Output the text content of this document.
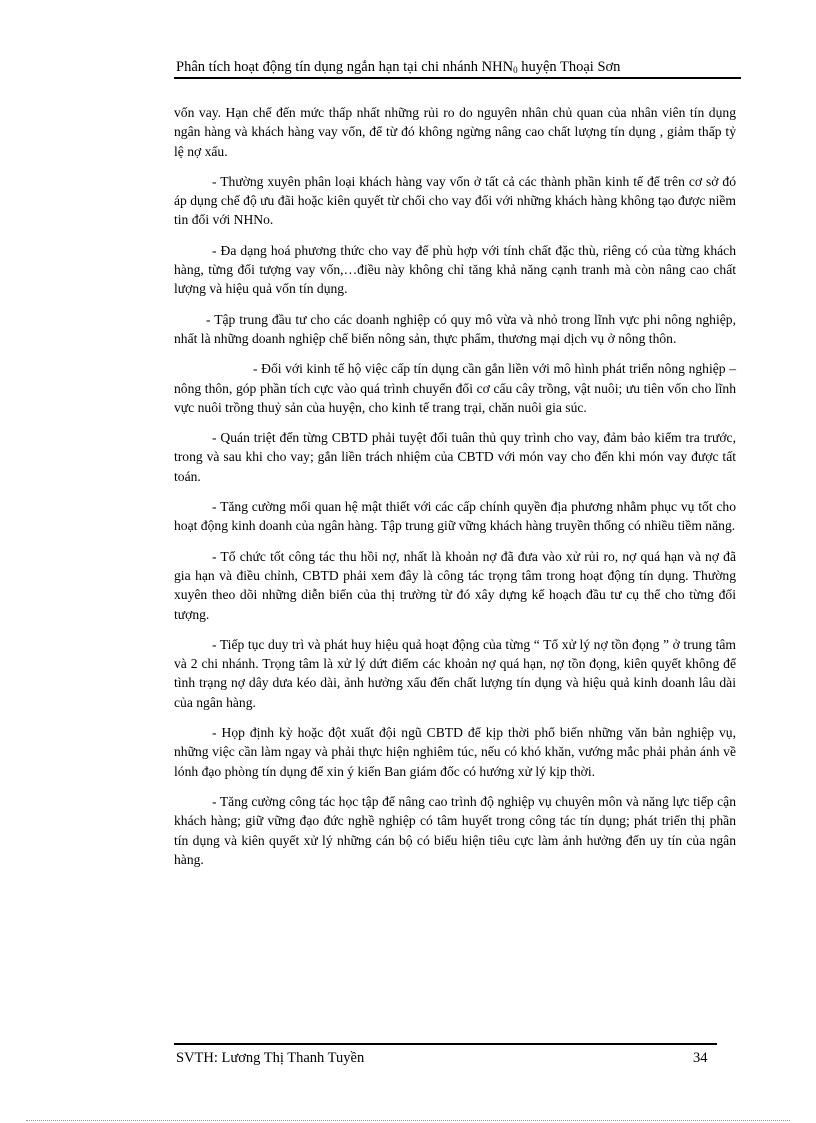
Phân tích hoạt động tín dụng ngắn hạn tại chi nhánh $NHN_0$ huyện Thoại Sơn

vốn vay. Hạn chế đến mức thấp nhất những rủi ro do nguyên nhân chủ quan của nhân viên tín dụng ngân hàng và khách hàng vay vốn, để từ đó không ngừng nâng cao chất lượng tín dụng , giảm thấp tỷ lệ nợ xấu.

- Thường xuyên phân loại khách hàng vay vốn ở tất cả các thành phần kinh tế để trên cơ sở đó áp dụng chế độ ưu đãi hoặc kiên quyết từ chối cho vay đối với những khách hàng không tạo được niềm tin đối với NHNo.

- Đa dạng hoá phương thức cho vay để phù hợp với tính chất đặc thù, riêng có của từng khách hàng, từng đối tượng vay vốn,…điều này không chỉ tăng khả năng cạnh tranh mà còn nâng cao chất lượng và hiệu quả vốn tín dụng.

- Tập trung đầu tư cho các doanh nghiệp có quy mô vừa và nhỏ trong lĩnh vực phi nông nghiệp, nhất là những doanh nghiệp chế biến nông sản, thực phẩm, thương mại dịch vụ ở nông thôn.

- Đối với kinh tế hộ việc cấp tín dụng cần gắn liền với mô hình phát triển nông nghiệp – nông thôn, góp phần tích cực vào quá trình chuyển đổi cơ cấu cây trồng, vật nuôi; ưu tiên vốn cho lĩnh vực nuôi trồng thuỷ sản của huyện, cho kinh tế trang trại, chăn nuôi gia súc.

- Quán triệt đến từng CBTD phải tuyệt đối tuân thủ quy trình cho vay, đảm bảo kiểm tra trước, trong và sau khi cho vay; gắn liền trách nhiệm của CBTD với món vay cho đến khi món vay được tất toán.

- Tăng cường mối quan hệ mật thiết với các cấp chính quyền địa phương nhằm phục vụ tốt cho hoạt động kinh doanh của ngân hàng. Tập trung giữ vững khách hàng truyền thống có nhiều tiềm năng.

- Tổ chức tốt công tác thu hồi nợ, nhất là khoản nợ đã đưa vào xử rủi ro, nợ quá hạn và nợ đã gia hạn và điều chỉnh, CBTD phải xem đây là công tác trọng tâm trong hoạt động tín dụng. Thường xuyên theo dõi những diễn biến của thị trường từ đó xây dựng kế hoạch đầu tư cụ thể cho từng đối tượng.

- Tiếp tục duy trì và phát huy hiệu quả hoạt động của từng “ Tổ xử lý nợ tồn đọng ” ở trung tâm và 2 chi nhánh. Trọng tâm là xử lý dứt điểm các khoản nợ quá hạn, nợ tồn đọng, kiên quyết không để tình trạng nợ dây dưa kéo dài, ảnh hưởng xấu đến chất lượng tín dụng và hiệu quả kinh doanh lâu dài của ngân hàng.

- Họp định kỳ hoặc đột xuất đội ngũ CBTD để kịp thời phổ biến những văn bản nghiệp vụ, những việc cần làm ngay và phải thực hiện nghiêm túc, nếu có khó khăn, vướng mắc phải phản ánh về lónh đạo phòng tín dụng để xin ý kiến Ban giám đốc có hướng xử lý kịp thời.

- Tăng cường công tác học tập để nâng cao trình độ nghiệp vụ chuyên môn và năng lực tiếp cận khách hàng; giữ vững đạo đức nghề nghiệp có tâm huyết trong công tác tín dụng; phát triển thị phần tín dụng và kiên quyết xử lý những cán bộ có biểu hiện tiêu cực làm ảnh hưởng đến uy tín của ngân hàng.

SVTH: Lương Thị Thanh Tuyền	34
